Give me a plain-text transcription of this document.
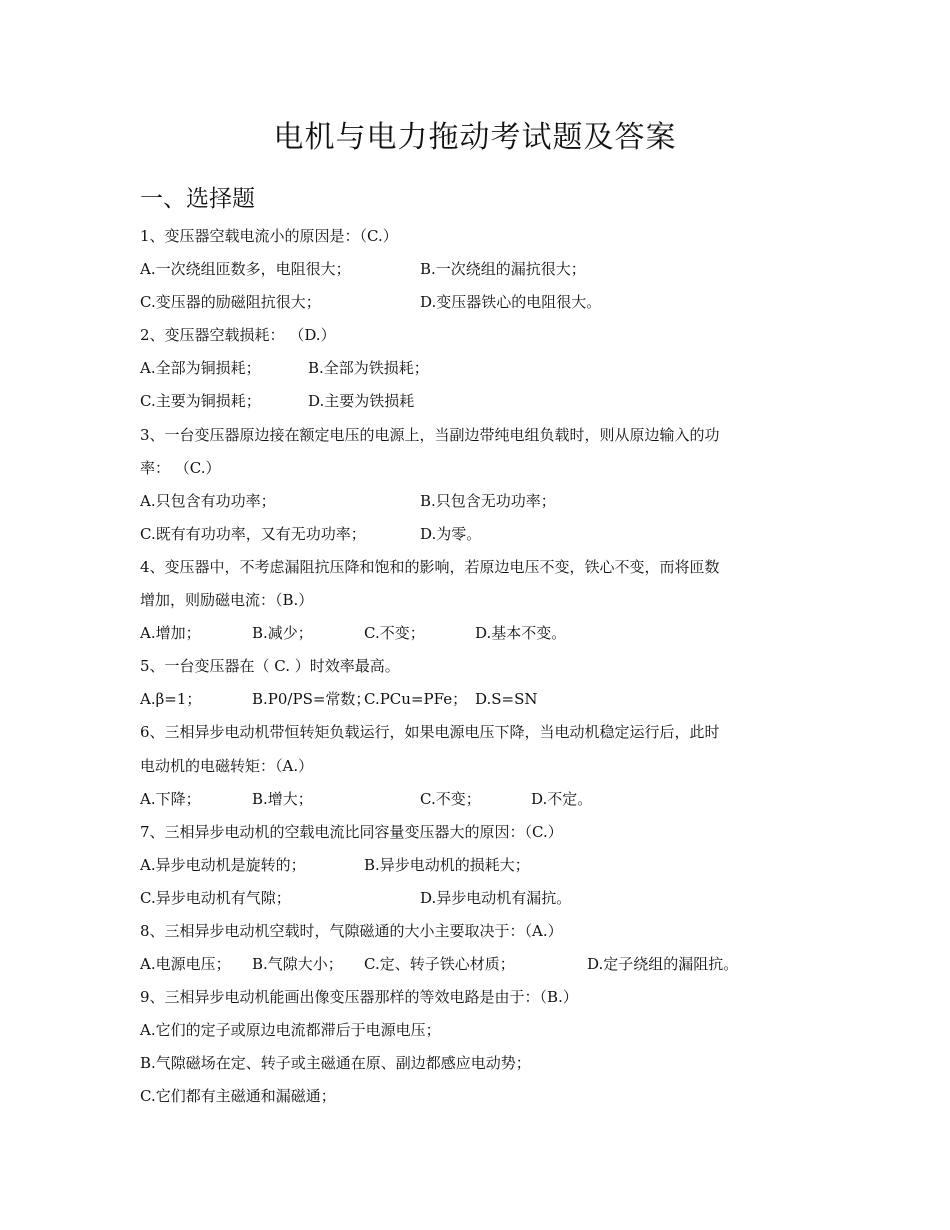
电机与电力拖动考试题及答案
一、选择题
1、变压器空载电流小的原因是：（C.）
A.一次绕组匝数多，电阻很大；	B.一次绕组的漏抗很大；
C.变压器的励磁阻抗很大；	D.变压器铁心的电阻很大。
2、变压器空载损耗： （D.）
A.全部为铜损耗；	B.全部为铁损耗；
C.主要为铜损耗；	D.主要为铁损耗
3、一台变压器原边接在额定电压的电源上，当副边带纯电组负载时，则从原边输入的功
率： （C.）
A.只包含有功功率；	B.只包含无功功率；
C.既有有功功率，又有无功功率；	D.为零。
4、变压器中，不考虑漏阻抗压降和饱和的影响，若原边电压不变，铁心不变，而将匝数
增加，则励磁电流：（B.）
A.增加；	B.减少；	C.不变；	D.基本不变。
5、一台变压器在（ C. ）时效率最高。
A.β=1；	B.P0/PS=常数；
C.PCu=PFe； D.S=SN
6、三相异步电动机带恒转矩负载运行，如果电源电压下降，当电动机稳定运行后，此时
电动机的电磁转矩：（A.）
A.下降；	B.增大；	C.不变；	D.不定。
7、三相异步电动机的空载电流比同容量变压器大的原因：（C.）
A.异步电动机是旋转的；	B.异步电动机的损耗大；
C.异步电动机有气隙；	D.异步电动机有漏抗。
8、三相异步电动机空载时，气隙磁通的大小主要取决于：（A.）
A.电源电压； B.气隙大小； C.定、转子铁心材质；	D.定子绕组的漏阻抗。
9、三相异步电动机能画出像变压器那样的等效电路是由于：（B.）
A.它们的定子或原边电流都滞后于电源电压；
B.气隙磁场在定、转子或主磁通在原、副边都感应电动势；
C.它们都有主磁通和漏磁通；
